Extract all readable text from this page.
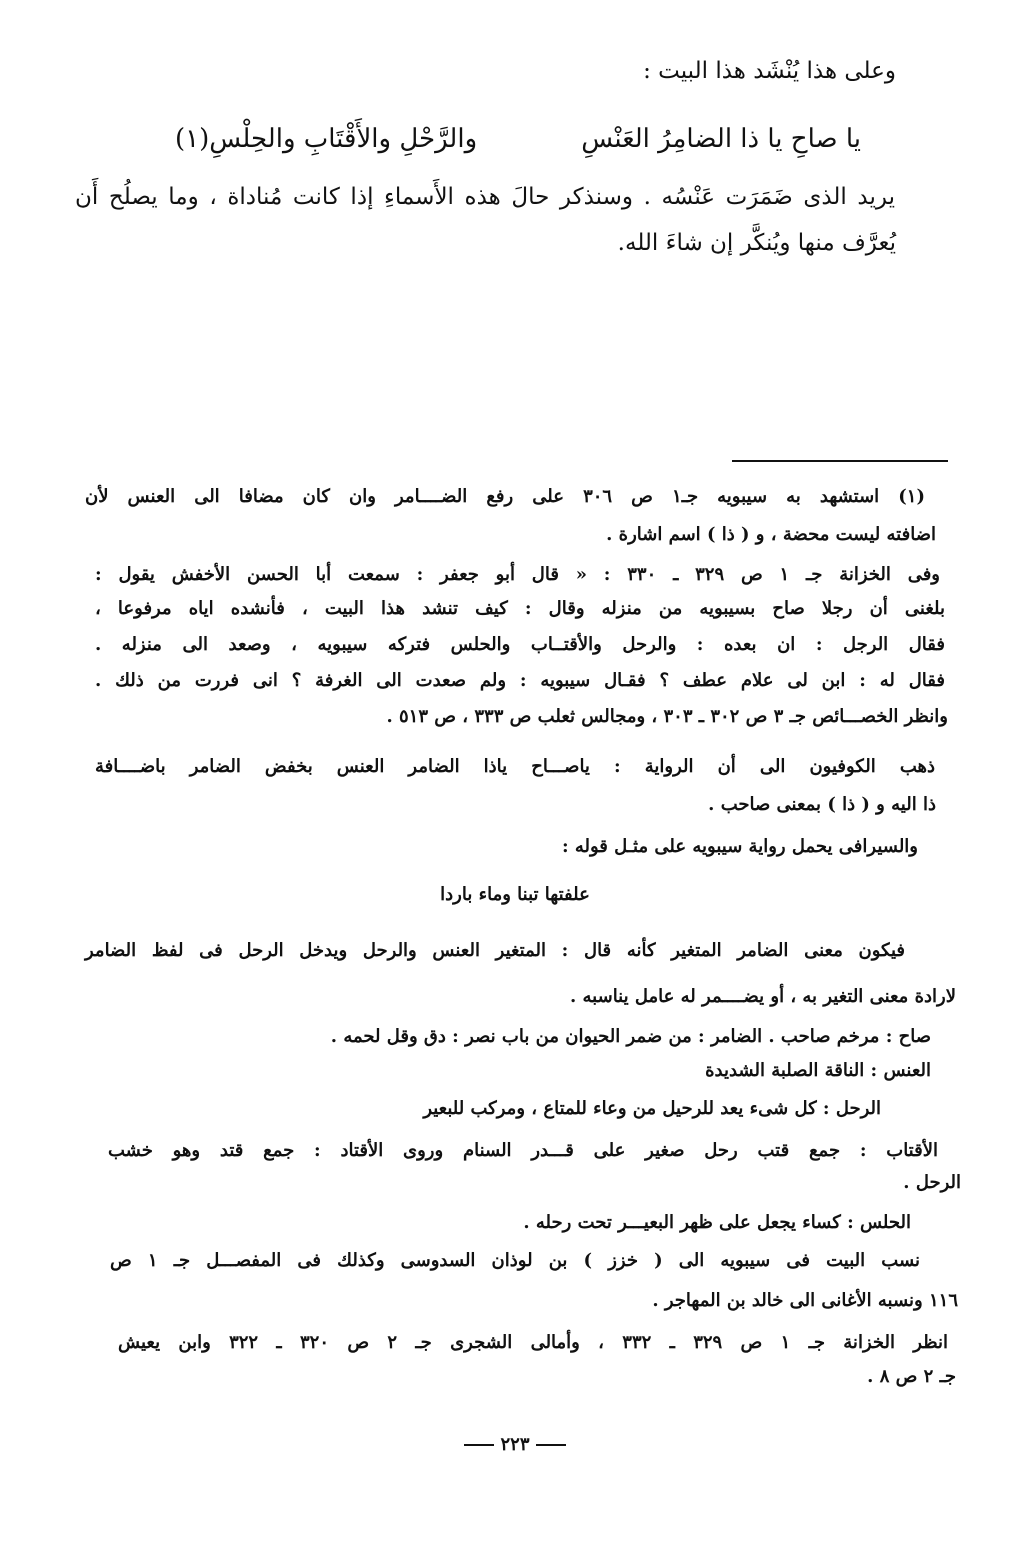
وعلى هذا يُنْشَد هذا البيت :
يا صاحِ يا ذا الضامِرُ العَنْسِ
والرَّحْلِ والأَقْتَابِ والحِلْسِ(١)
يريد الذى ضَمَرَت عَنْسُه . وسنذكر حالَ هذه الأَسماءِ إذا كانت مُناداة ، وما يصلُح أَن
يُعرَّف منها ويُنكَّر إن شاءَ الله.
(١) استشهد به سيبويه جـ١ ص ٣٠٦ على رفع الضــــامر وان كان مضافا الى العنس لأن
اضافته ليست محضة ، و ( ذا ) اسم اشارة .
وفى الخزانة جـ ١ ص ٣٢٩ ـ ٣٣٠ : « قال أبو جعفر : سمعت أبا الحسن الأخفش يقول :
بلغنى أن رجلا صاح بسيبويه من منزله وقال : كيف تنشد هذا البيت ، فأنشده اياه مرفوعا ،
فقال الرجل : ان بعده : والرحل والأقتــاب والحلس فتركه سيبويه ، وصعد الى منزله .
فقال له : ابن لى علام عطف ؟ فقـال سيبويه : ولم صعدت الى الغرفة ؟ انى فررت من ذلك .
وانظر الخصـــائص جـ ٣ ص ٣٠٢ ـ ٣٠٣ ، ومجالس ثعلب ص ٣٣٣ ، ص ٥١٣ .
ذهب الكوفيون الى أن الرواية : ياصـــاح ياذا الضامر العنس بخفض الضامر باضــــافة
ذا اليه و ( ذا ) بمعنى صاحب .
والسيرافى يحمل رواية سيبويه على مثـل قوله :
علفتها تبنا وماء باردا
فيكون معنى الضامر المتغير كأنه قال : المتغير العنس والرحل ويدخل الرحل فى لفظ الضامر
لارادة معنى التغير به ، أو يضــــمر له عامل يناسبه .
صاح : مرخم صاحب . الضامر : من ضمر الحيوان من باب نصر : دق وقل لحمه .
العنس : الناقة الصلبة الشديدة
الرحل : كل شىء يعد للرحيل من وعاء للمتاع ، ومركب للبعير
الأقتاب : جمع قتب رحل صغير على قـــدر السنام وروى الأقتاد : جمع قتد وهو خشب
الرحل .
الحلس : كساء يجعل على ظهر البعيـــر تحت رحله .
نسب البيت فى سيبويه الى ( خزز ) بن لوذان السدوسى وكذلك فى المفصـــل جـ ١ ص
١١٦ ونسبه الأغانى الى خالد بن المهاجر .
انظر الخزانة جـ ١ ص ٣٢٩ ـ ٣٣٢ ، وأمالى الشجرى جـ ٢ ص ٣٢٠ ـ ٣٢٢ وابن يعيش
جـ ٢ ص ٨ .
٢٢٣
